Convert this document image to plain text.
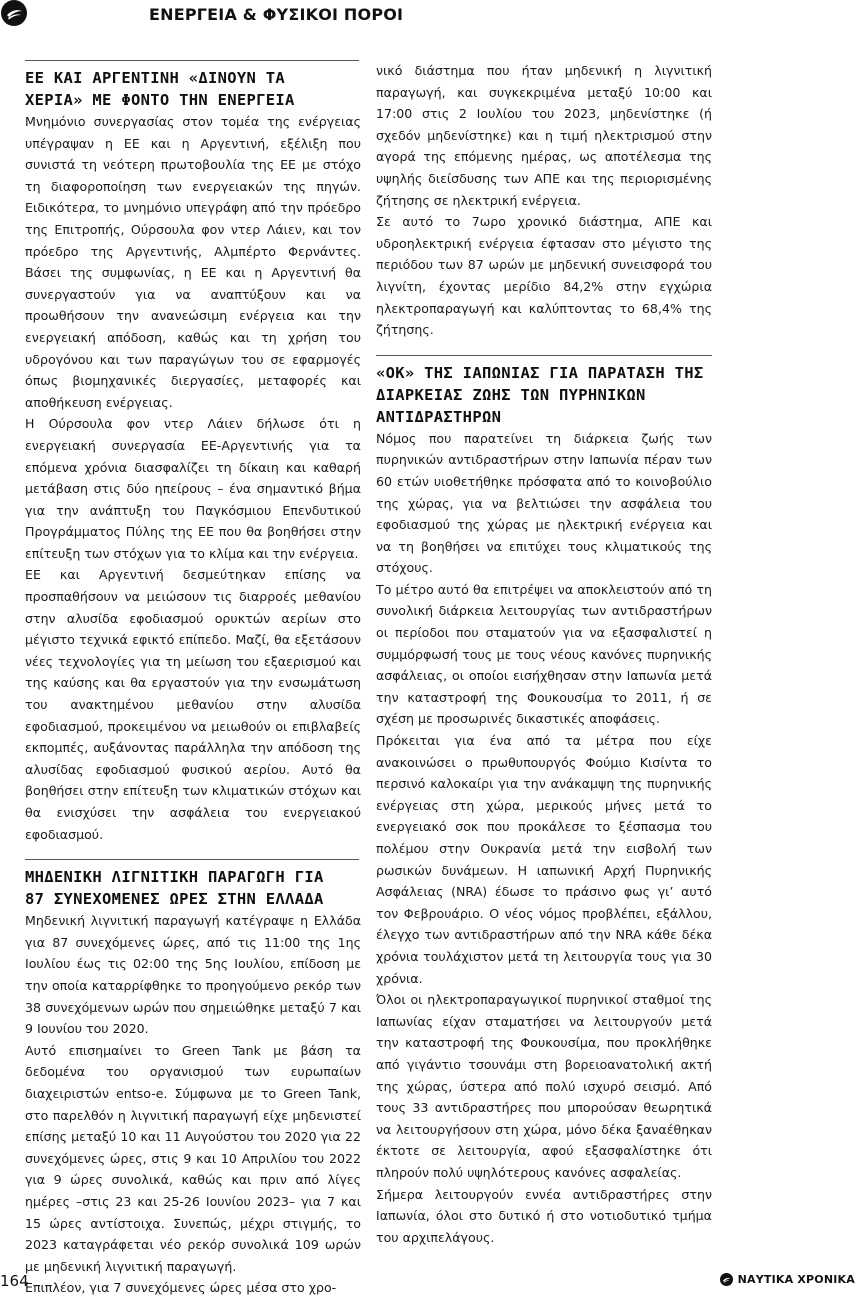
ΕΝΕΡΓΕΙΑ & ΦΥΣΙΚΟΙ ΠΟΡΟΙ
ΕΕ ΚΑΙ ΑΡΓΕΝΤΙΝΗ «ΔΙΝΟΥΝ ΤΑ ΧΕΡΙΑ» ΜΕ ΦΟΝΤΟ ΤΗΝ ΕΝΕΡΓΕΙΑ

Μνημόνιο συνεργασίας στον τομέα της ενέργειας υπέγραψαν η ΕΕ και η Αργεντινή, εξέλιξη που συνιστά τη νεότερη πρωτοβουλία της ΕΕ με στόχο τη διαφοροποίηση των ενεργειακών της πηγών. Ειδικότερα, το μνημόνιο υπεγράφη από την πρόεδρο της Επιτροπής, Ούρσουλα φον ντερ Λάιεν, και τον πρόεδρο της Αργεντινής, Αλμπέρτο Φερνάντες. Βάσει της συμφωνίας, η ΕΕ και η Αργεντινή θα συνεργαστούν για να αναπτύξουν και να προωθήσουν την ανανεώσιμη ενέργεια και την ενεργειακή απόδοση, καθώς και τη χρήση του υδρογόνου και των παραγώγων του σε εφαρμογές όπως βιομηχανικές διεργασίες, μεταφορές και αποθήκευση ενέργειας.

Η Ούρσουλα φον ντερ Λάιεν δήλωσε ότι η ενεργειακή συνεργασία ΕΕ-Αργεντινής για τα επόμενα χρόνια διασφαλίζει τη δίκαιη και καθαρή μετάβαση στις δύο ηπείρους – ένα σημαντικό βήμα για την ανάπτυξη του Παγκόσμιου Επενδυτικού Προγράμματος Πύλης της ΕΕ που θα βοηθήσει στην επίτευξη των στόχων για το κλίμα και την ενέργεια.

ΕΕ και Αργεντινή δεσμεύτηκαν επίσης να προσπαθήσουν να μειώσουν τις διαρροές μεθανίου στην αλυσίδα εφοδιασμού ορυκτών αερίων στο μέγιστο τεχνικά εφικτό επίπεδο. Μαζί, θα εξετάσουν νέες τεχνολογίες για τη μείωση του εξαερισμού και της καύσης και θα εργαστούν για την ενσωμάτωση του ανακτημένου μεθανίου στην αλυσίδα εφοδιασμού, προκειμένου να μειωθούν οι επιβλαβείς εκπομπές, αυξάνοντας παράλληλα την απόδοση της αλυσίδας εφοδιασμού φυσικού αερίου. Αυτό θα βοηθήσει στην επίτευξη των κλιματικών στόχων και θα ενισχύσει την ασφάλεια του ενεργειακού εφοδιασμού.

ΜΗΔΕΝΙΚΗ ΛΙΓΝΙΤΙΚΗ ΠΑΡΑΓΩΓΗ ΓΙΑ 87 ΣΥΝΕΧΟΜΕΝΕΣ ΩΡΕΣ ΣΤΗΝ ΕΛΛΑΔΑ

Μηδενική λιγνιτική παραγωγή κατέγραψε η Ελλάδα για 87 συνεχόμενες ώρες, από τις 11:00 της 1ης Ιουλίου έως τις 02:00 της 5ης Ιουλίου, επίδοση με την οποία καταρρίφθηκε το προηγούμενο ρεκόρ των 38 συνεχόμενων ωρών που σημειώθηκε μεταξύ 7 και 9 Ιουνίου του 2020.

Αυτό επισημαίνει το Green Tank με βάση τα δεδομένα του οργανισμού των ευρωπαίων διαχειριστών entso-e. Σύμφωνα με το Green Tank, στο παρελθόν η λιγνιτική παραγωγή είχε μηδενιστεί επίσης μεταξύ 10 και 11 Αυγούστου του 2020 για 22 συνεχόμενες ώρες, στις 9 και 10 Απριλίου του 2022 για 9 ώρες συνολικά, καθώς και πριν από λίγες ημέρες –στις 23 και 25-26 Ιουνίου 2023– για 7 και 15 ώρες αντίστοιχα. Συνεπώς, μέχρι στιγμής, το 2023 καταγράφεται νέο ρεκόρ συνολικά 109 ωρών με μηδενική λιγνιτική παραγωγή.

Επιπλέον, για 7 συνεχόμενες ώρες μέσα στο χρο-

νικό διάστημα που ήταν μηδενική η λιγνιτική παραγωγή, και συγκεκριμένα μεταξύ 10:00 και 17:00 στις 2 Ιουλίου του 2023, μηδενίστηκε (ή σχεδόν μηδενίστηκε) και η τιμή ηλεκτρισμού στην αγορά της επόμενης ημέρας, ως αποτέλεσμα της υψηλής διείσδυσης των ΑΠΕ και της περιορισμένης ζήτησης σε ηλεκτρική ενέργεια.

Σε αυτό το 7ωρο χρονικό διάστημα, ΑΠΕ και υδροηλεκτρική ενέργεια έφτασαν στο μέγιστο της περιόδου των 87 ωρών με μηδενική συνεισφορά του λιγνίτη, έχοντας μερίδιο 84,2% στην εγχώρια ηλεκτροπαραγωγή και καλύπτοντας το 68,4% της ζήτησης.

«ΟΚ» ΤΗΣ ΙΑΠΩΝΙΑΣ ΓΙΑ ΠΑΡΑΤΑΣΗ ΤΗΣ ΔΙΑΡΚΕΙΑΣ ΖΩΗΣ ΤΩΝ ΠΥΡΗΝΙΚΩΝ ΑΝΤΙΔΡΑΣΤΗΡΩΝ

Νόμος που παρατείνει τη διάρκεια ζωής των πυρηνικών αντιδραστήρων στην Ιαπωνία πέραν των 60 ετών υιοθετήθηκε πρόσφατα από το κοινοβούλιο της χώρας, για να βελτιώσει την ασφάλεια του εφοδιασμού της χώρας με ηλεκτρική ενέργεια και να τη βοηθήσει να επιτύχει τους κλιματικούς της στόχους.

Το μέτρο αυτό θα επιτρέψει να αποκλειστούν από τη συνολική διάρκεια λειτουργίας των αντιδραστήρων οι περίοδοι που σταματούν για να εξασφαλιστεί η συμμόρφωσή τους με τους νέους κανόνες πυρηνικής ασφάλειας, οι οποίοι εισήχθησαν στην Ιαπωνία μετά την καταστροφή της Φουκουσίμα το 2011, ή σε σχέση με προσωρινές δικαστικές αποφάσεις.

Πρόκειται για ένα από τα μέτρα που είχε ανακοινώσει ο πρωθυπουργός Φούμιο Κισίντα το περσινό καλοκαίρι για την ανάκαμψη της πυρηνικής ενέργειας στη χώρα, μερικούς μήνες μετά το ενεργειακό σοκ που προκάλεσε το ξέσπασμα του πολέμου στην Ουκρανία μετά την εισβολή των ρωσικών δυνάμεων. Η ιαπωνική Αρχή Πυρηνικής Ασφάλειας (NRA) έδωσε το πράσινο φως γι’ αυτό τον Φεβρουάριο. Ο νέος νόμος προβλέπει, εξάλλου, έλεγχο των αντιδραστήρων από την NRA κάθε δέκα χρόνια τουλάχιστον μετά τη λειτουργία τους για 30 χρόνια.

Όλοι οι ηλεκτροπαραγωγικοί πυρηνικοί σταθμοί της Ιαπωνίας είχαν σταματήσει να λειτουργούν μετά την καταστροφή της Φουκουσίμα, που προκλήθηκε από γιγάντιο τσουνάμι στη βορειοανατολική ακτή της χώρας, ύστερα από πολύ ισχυρό σεισμό. Από τους 33 αντιδραστήρες που μπορούσαν θεωρητικά να λειτουργήσουν στη χώρα, μόνο δέκα ξαναέθηκαν έκτοτε σε λειτουργία, αφού εξασφαλίστηκε ότι πληρούν πολύ υψηλότερους κανόνες ασφαλείας.

Σήμερα λειτουργούν εννέα αντιδραστήρες στην Ιαπωνία, όλοι στο δυτικό ή στο νοτιοδυτικό τμήμα του αρχιπελάγους.

164	ΝΑΥΤΙΚΑ ΧΡΟΝΙΚΑ
